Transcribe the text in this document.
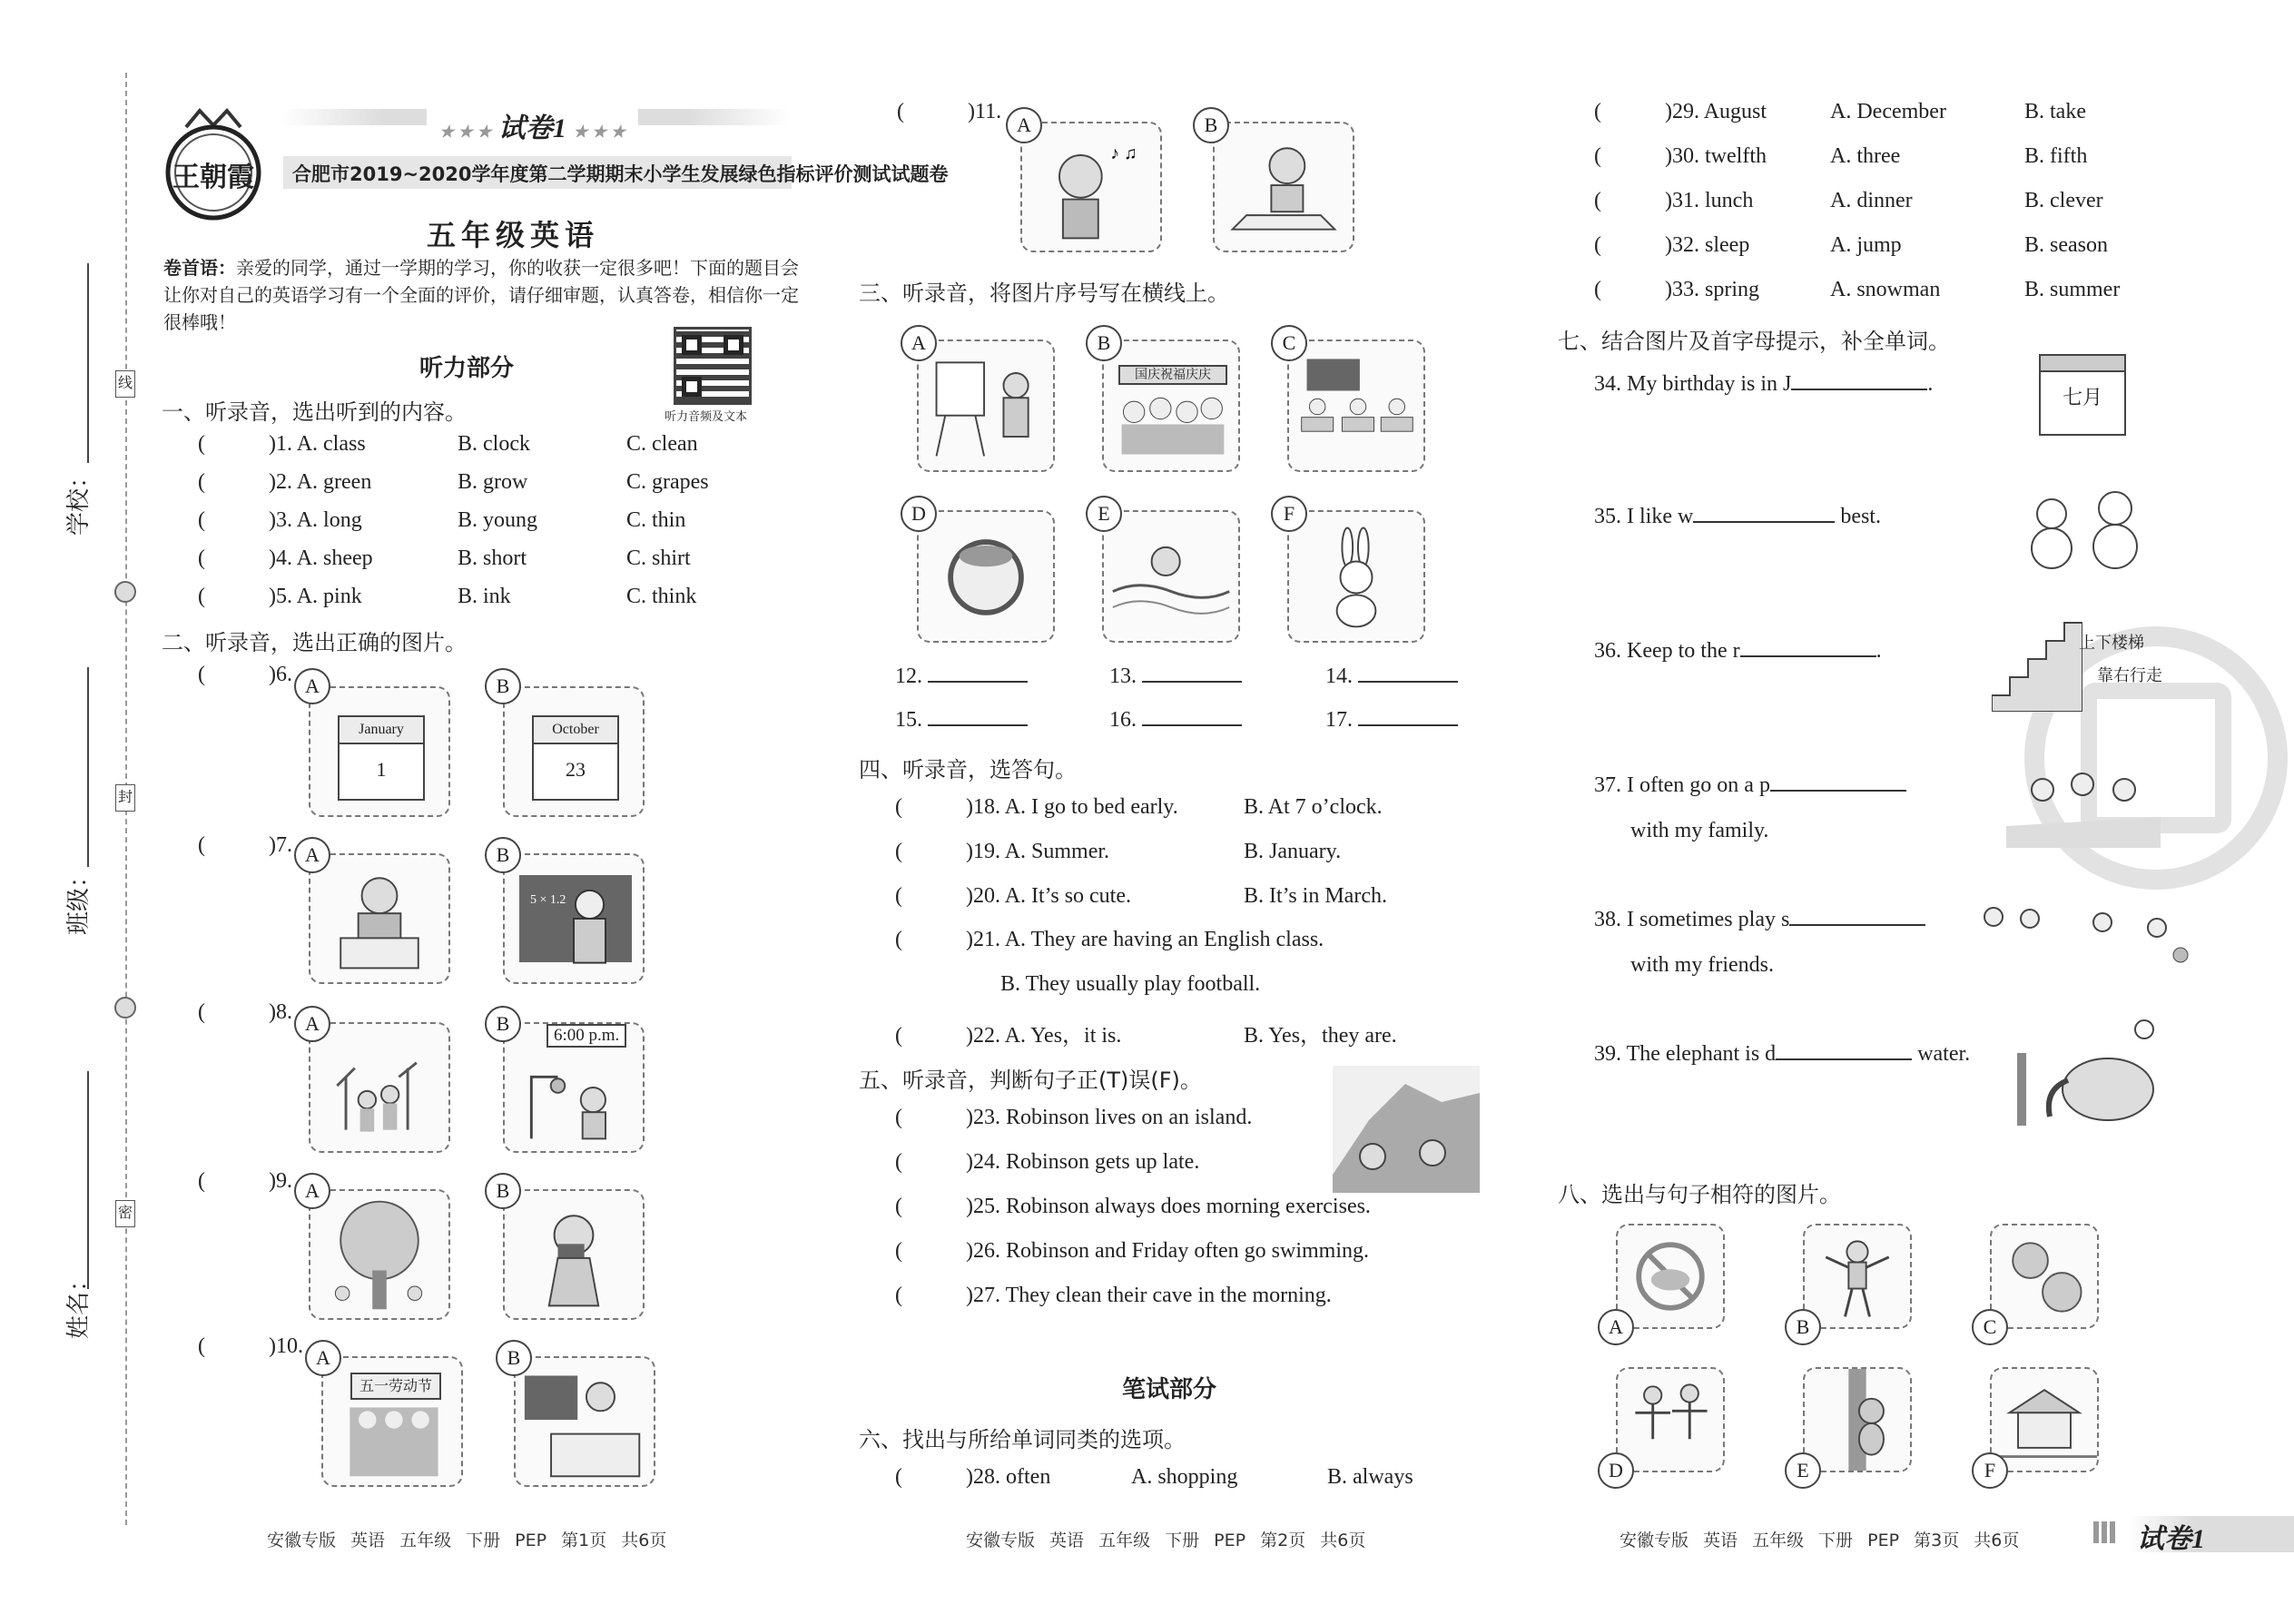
学校：
班级：
姓名：
线
封
密
王朝霞
★ ★ ★ 试卷1 ★ ★ ★
合肥市2019~2020学年度第二学期期末小学生发展绿色指标评价测试试题卷
五年级英语
卷首语：亲爱的同学，通过一学期的学习，你的收获一定很多吧！下面的题目会让你对自己的英语学习有一个全面的评价，请仔细审题，认真答卷，相信你一定很棒哦！
听力部分
听力音频及文本
一、听录音，选出听到的内容。
(	)1. A. class	B. clock	C. clean
(	)2. A. green	B. grow	C. grapes
(	)3. A. long	B. young	C. thin
(	)4. A. sheep	B. short	C. shirt
(	)5. A. pink	B. ink	C. think
二、听录音，选出正确的图片。
(	)6. A
January
1
B
October
23
(	)7. A	B
5 × 1.2
(	)8. A	B
6:00 p.m.
(	)9. A	B
(	)10. A
五一劳动节
B
(	)11.
A
♪ ♫
B
三、听录音，将图片序号写在横线上。
A	B
国庆祝福庆庆
C
D	E	F
12.	13.	14.
15.	16.	17.
四、听录音，选答句。
(	)18. A. I go to bed early.	B. At 7 o’clock.
(	)19. A. Summer.	B. January.
(	)20. A. It’s so cute.	B. It’s in March.
(	)21. A. They are having an English class.
B. They usually play football.
(	)22. A. Yes，it is.	B. Yes，they are.
五、听录音，判断句子正(T)误(F)。
(	)23. Robinson lives on an island.
(	)24. Robinson gets up late.
(	)25. Robinson always does morning exercises.
(	)26. Robinson and Friday often go swimming.
(	)27. They clean their cave in the morning.
笔试部分
六、找出与所给单词同类的选项。
(	)28. often	A. shopping	B. always
(	)29. August	A. December	B. take
(	)30. twelfth	A. three	B. fifth
(	)31. lunch	A. dinner	B. clever
(	)32. sleep	A. jump	B. season
(	)33. spring	A. snowman	B. summer
七、结合图片及首字母提示，补全单词。
34. My birthday is in J	.
七月
35. I like w	best.
36. Keep to the r	.	上下楼梯
靠右行走
37. I often go on a p
with my family.
38. I sometimes play s
with my friends.
39. The elephant is d	water.
八、选出与句子相符的图片。
A	B	C
D	E	F
安徽专版 英语 五年级 下册 PEP 第1页 共6页	安徽专版 英语 五年级 下册 PEP 第2页 共6页	安徽专版 英语 五年级 下册 PEP 第3页 共6页	试卷1
